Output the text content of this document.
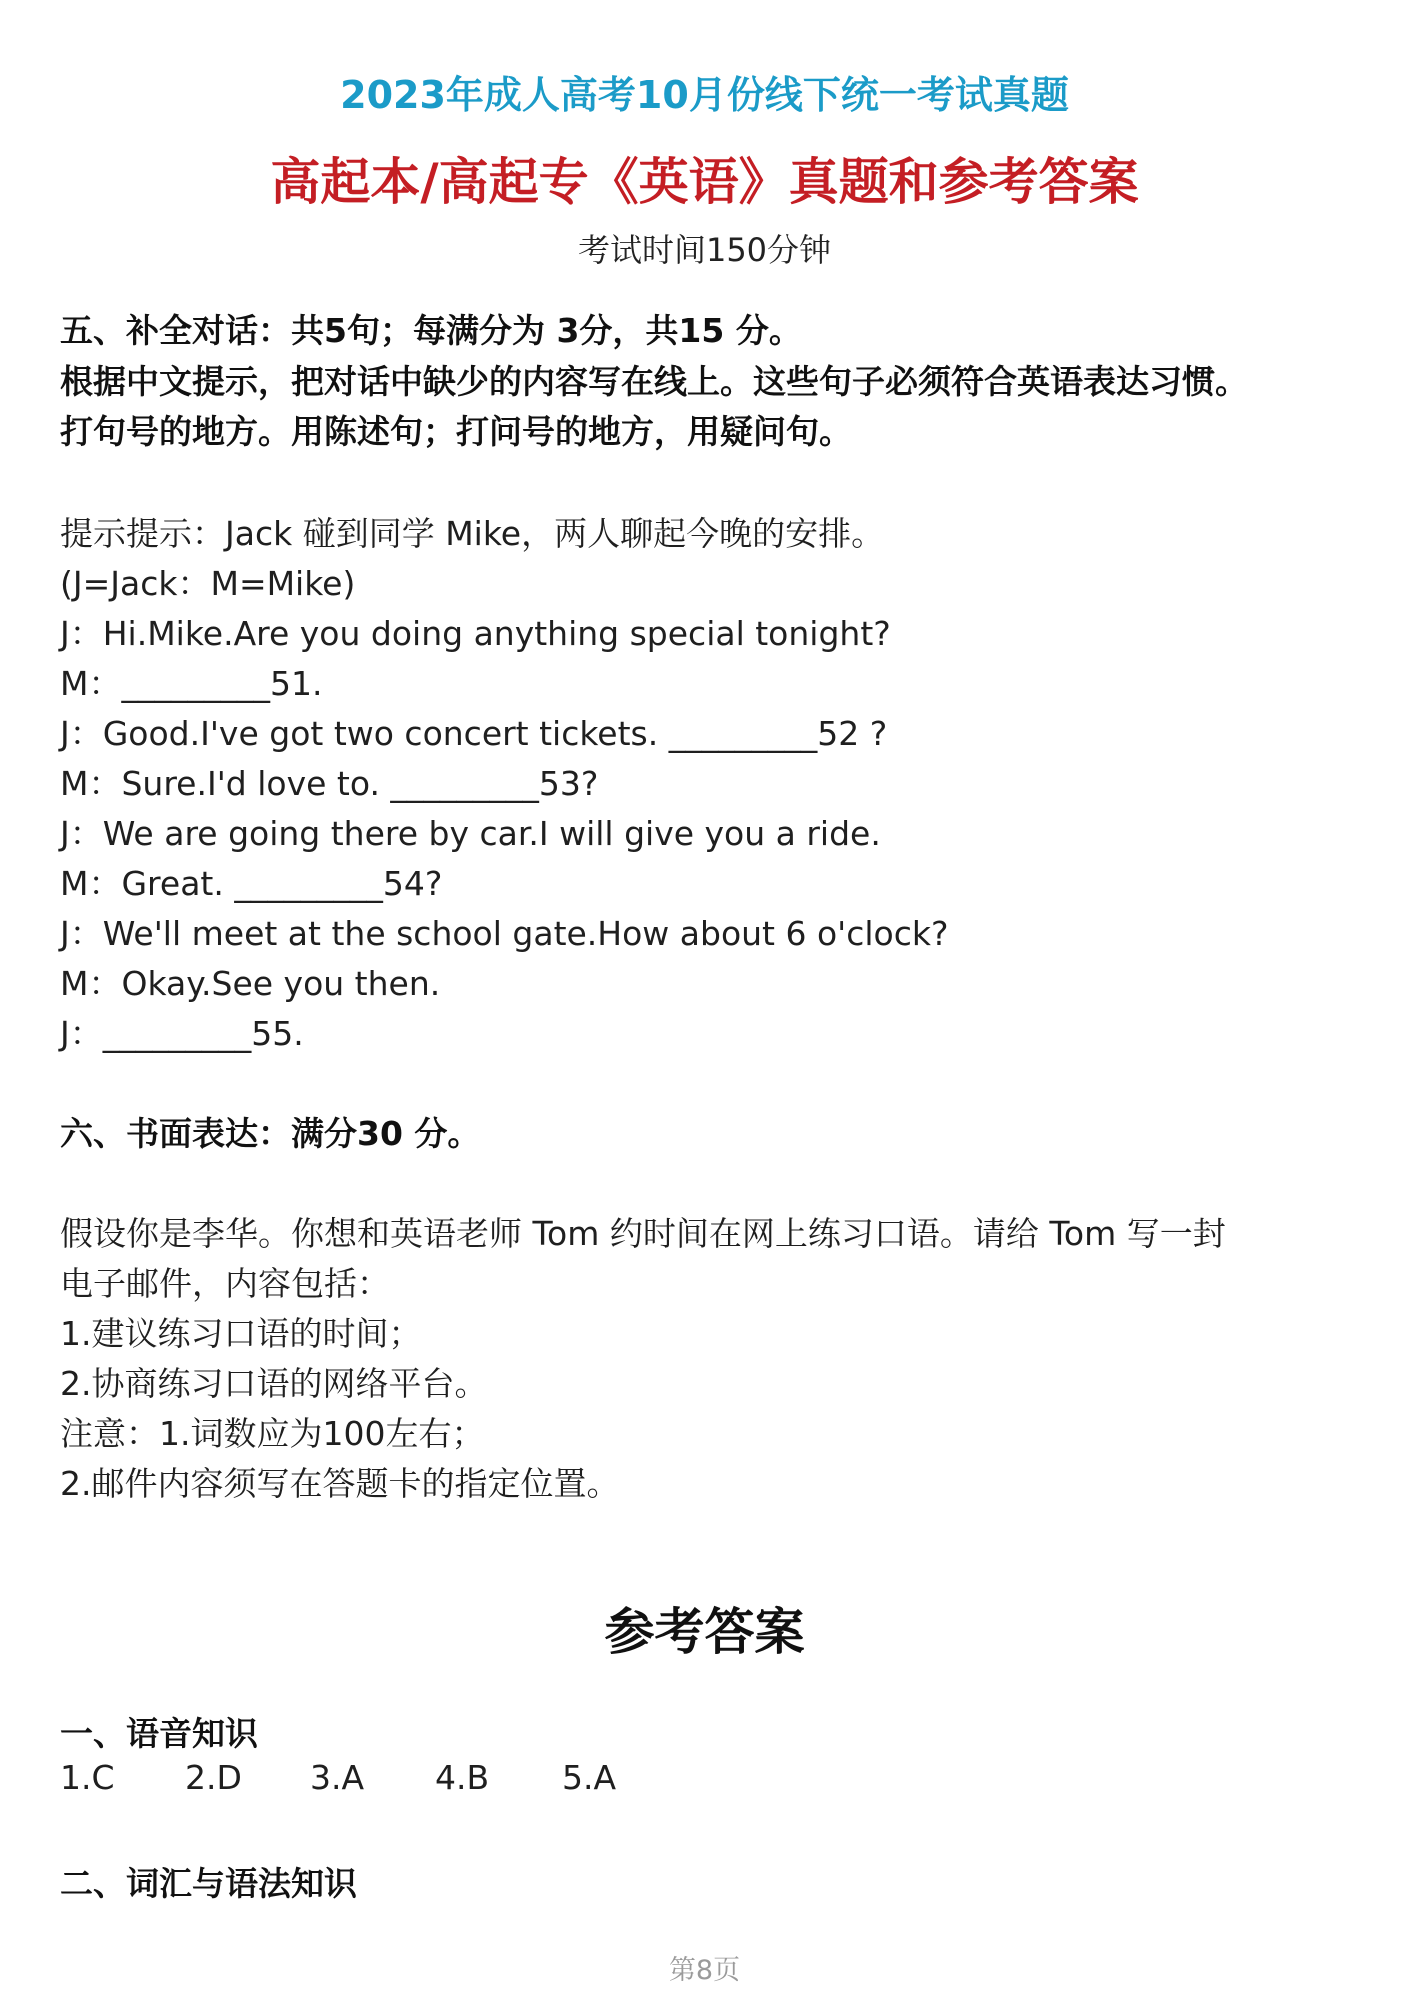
2023年成人高考10月份线下统一考试真题
高起本/高起专《英语》真题和参考答案
考试时间150分钟
五、补全对话：共5句；每满分为 3分，共15 分。
根据中文提示，把对话中缺少的内容写在线上。这些句子必须符合英语表达习惯。
打句号的地方。用陈述句；打问号的地方，用疑问句。
提示提示：Jack 碰到同学 Mike，两人聊起今晚的安排。
(J=Jack：M=Mike)
J：Hi.Mike.Are you doing anything special tonight?
M：_________51.
J：Good.I've got two concert tickets. _________52 ?
M：Sure.I'd love to. _________53?
J：We are going there by car.I will give you a ride.
M：Great. _________54?
J：We'll meet at the school gate.How about 6 o'clock?
M：Okay.See you then.
J：_________55.
六、书面表达：满分30 分。
假设你是李华。你想和英语老师 Tom 约时间在网上练习口语。请给 Tom 写一封
电子邮件，内容包括：
1.建议练习口语的时间；
2.协商练习口语的网络平台。
注意：1.词数应为100左右；
2.邮件内容须写在答题卡的指定位置。
参考答案
一、语音知识
1.C 2.D 3.A 4.B 5.A
二、词汇与语法知识
第8页
